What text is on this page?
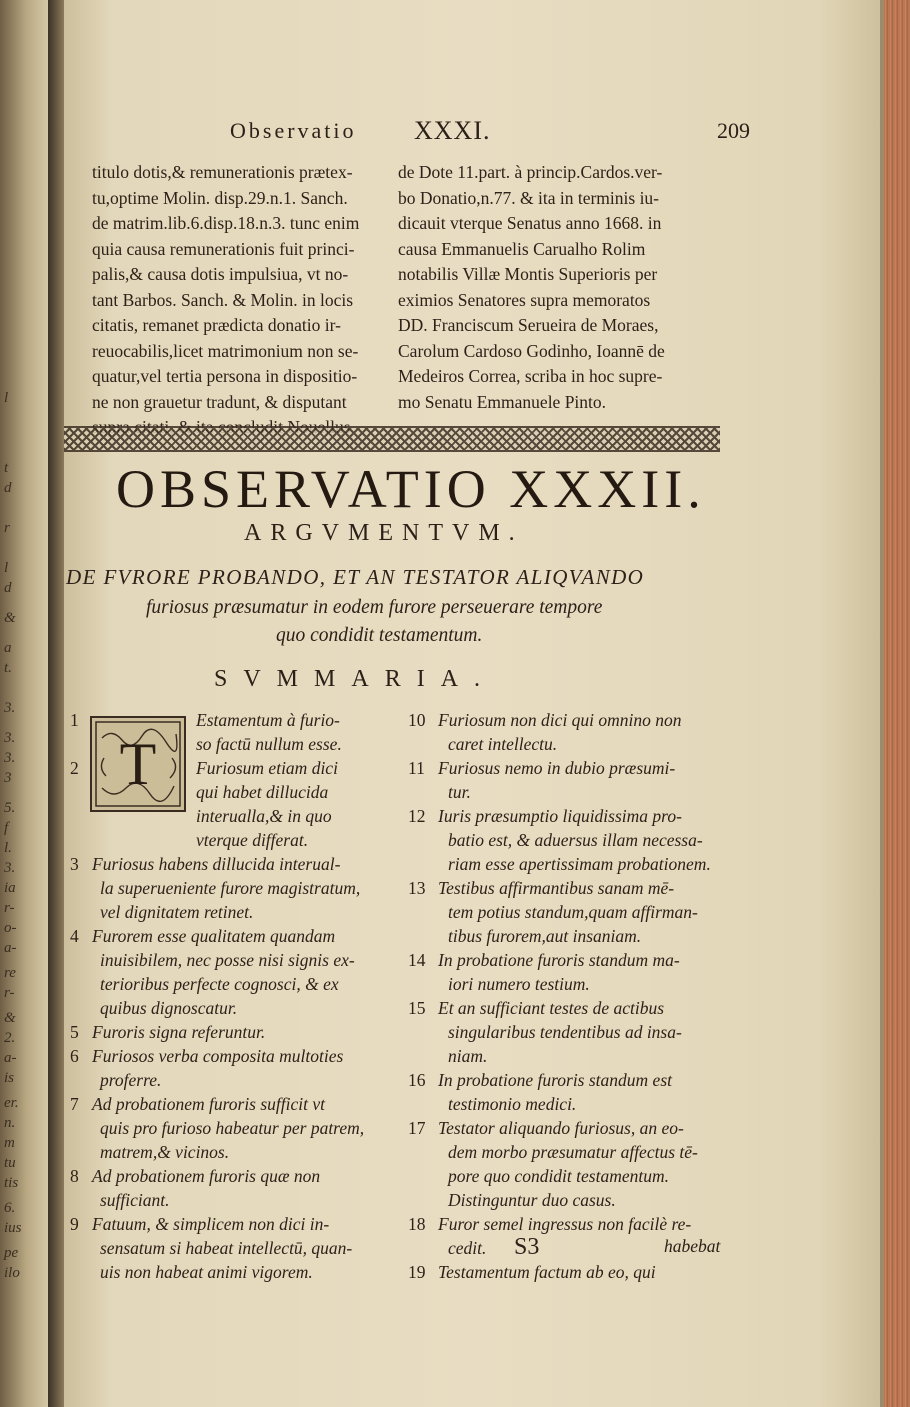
l
t
d
r
l
d
&
a
t.
3.
3.
3.
3
5.
f
l.
3.
ia
r-
o-
a-
re
r-
&
2.
a-
is
er.
n.
m
tu
tis
6.
ius
pe
ilo
Observatio XXXI.	209
titulo dotis,& remunerationis prætex-
tu,optime Molin. disp.29.n.1. Sanch.
de matrim.lib.6.disp.18.n.3. tunc enim
quia causa remunerationis fuit princi-
palis,& causa dotis impulsiua, vt no-
tant Barbos. Sanch. & Molin. in locis
citatis, remanet prædicta donatio ir-
reuocabilis,licet matrimonium non se-
quatur,vel tertia persona in dispositio-
ne non grauetur tradunt, & disputant
de Dote 11.part. à princip.Cardos.ver-
bo Donatio,n.77. & ita in terminis iu-
dicauit vterque Senatus anno 1668. in
causa Emmanuelis Carualho Rolim
notabilis Villæ Montis Superioris per
eximios Senatores supra memoratos
DD. Franciscum Serueira de Moraes,
Carolum Cardoso Godinho, Ioannē de
Medeiros Correa, scriba in hoc supre-
mo Senatu Emmanuele Pinto.
OBSERVATIO XXXII.
ARGVMENTVM.
DE FVRORE PROBANDO, ET AN TESTATOR ALIQVANDO
furiosus præsumatur in eodem furore perseuerare tempore
quo condidit testamentum.
SVMMARIA.
T
1	Estamentum à furio-
so factū nullum esse.
2	Furiosum etiam dici
qui habet dillucida
interualla,& in quo
vterque differat.
3 Furiosus habens dillucida interual-
la superueniente furore magistratum,
vel dignitatem retinet.
4 Furorem esse qualitatem quandam
inuisibilem, nec posse nisi signis ex-
terioribus perfecte cognosci, & ex
quibus dignoscatur.
5 Furoris signa referuntur.
6 Furiosos verba composita multoties
proferre.
7 Ad probationem furoris sufficit vt
quis pro furioso habeatur per patrem,
matrem,& vicinos.
8 Ad probationem furoris quæ non
sufficiant.
9 Fatuum, & simplicem non dici in-
sensatum si habeat intellectū, quan-
uis non habeat animi vigorem.
10 Furiosum non dici qui omnino non
caret intellectu.
11 Furiosus nemo in dubio præsumi-
tur.
12 Iuris præsumptio liquidissima pro-
batio est, & aduersus illam necessa-
riam esse apertissimam probationem.
13 Testibus affirmantibus sanam mē-
tem potius standum,quam affirman-
tibus furorem,aut insaniam.
14 In probatione furoris standum ma-
iori numero testium.
15 Et an sufficiant testes de actibus
singularibus tendentibus ad insa-
niam.
16 In probatione furoris standum est
testimonio medici.
17 Testator aliquando furiosus, an eo-
dem morbo præsumatur affectus tē-
pore quo condidit testamentum.
Distinguntur duo casus.
18 Furor semel ingressus non facilè re-
cedit.
19 Testamentum factum ab eo, qui
S3	habebat
